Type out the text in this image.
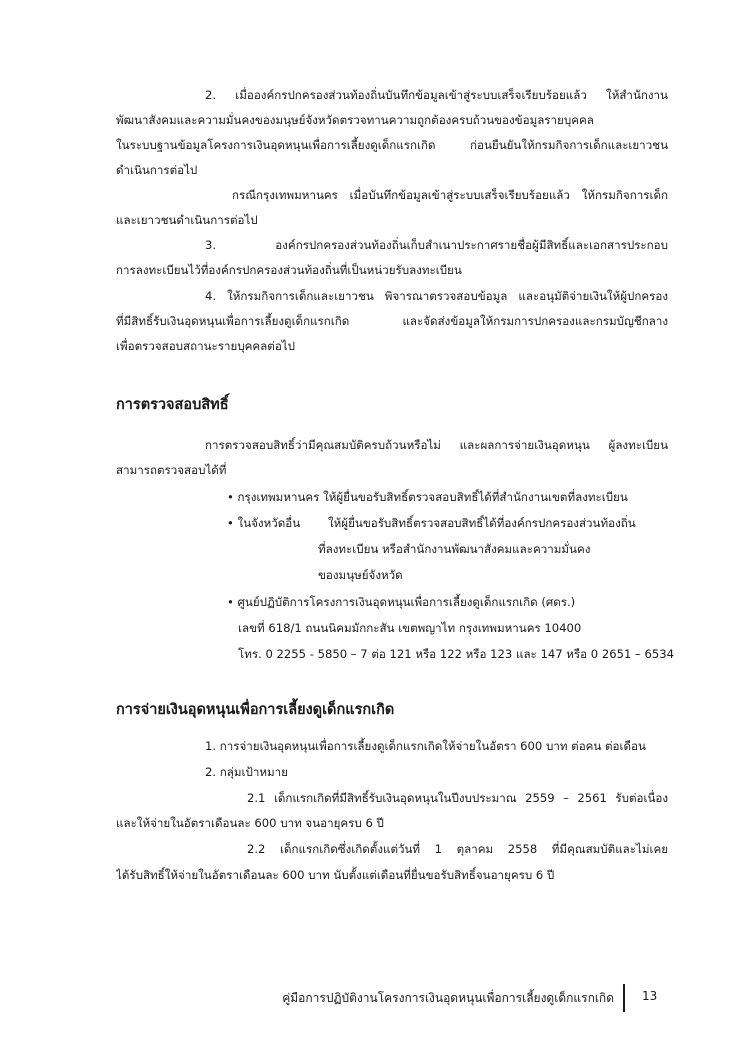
2. เมื่อองค์กรปกครองส่วนท้องถิ่นบันทึกข้อมูลเข้าสู่ระบบเสร็จเรียบร้อยแล้ว ให้สำนักงาน
พัฒนาสังคมและความมั่นคงของมนุษย์จังหวัดตรวจทานความถูกต้องครบถ้วนของข้อมูลรายบุคคล
ในระบบฐานข้อมูลโครงการเงินอุดหนุนเพื่อการเลี้ยงดูเด็กแรกเกิด ก่อนยืนยันให้กรมกิจการเด็กและเยาวชน
ดำเนินการต่อไป
กรณีกรุงเทพมหานคร เมื่อบันทึกข้อมูลเข้าสู่ระบบเสร็จเรียบร้อยแล้ว ให้กรมกิจการเด็ก
และเยาวชนดำเนินการต่อไป
3. องค์กรปกครองส่วนท้องถิ่นเก็บสำเนาประกาศรายชื่อผู้มีสิทธิ์และเอกสารประกอบ
การลงทะเบียนไว้ที่องค์กรปกครองส่วนท้องถิ่นที่เป็นหน่วยรับลงทะเบียน
4. ให้กรมกิจการเด็กและเยาวชน พิจารณาตรวจสอบข้อมูล และอนุมัติจ่ายเงินให้ผู้ปกครอง
ที่มีสิทธิ์รับเงินอุดหนุนเพื่อการเลี้ยงดูเด็กแรกเกิด และจัดส่งข้อมูลให้กรมการปกครองและกรมบัญชีกลาง
เพื่อตรวจสอบสถานะรายบุคคลต่อไป
การตรวจสอบสิทธิ์
การตรวจสอบสิทธิ์ว่ามีคุณสมบัติครบถ้วนหรือไม่ และผลการจ่ายเงินอุดหนุน ผู้ลงทะเบียน
สามารถตรวจสอบได้ที่
• กรุงเทพมหานคร ให้ผู้ยื่นขอรับสิทธิ์ตรวจสอบสิทธิ์ได้ที่สำนักงานเขตที่ลงทะเบียน
• ในจังหวัดอื่น ให้ผู้ยื่นขอรับสิทธิ์ตรวจสอบสิทธิ์ได้ที่องค์กรปกครองส่วนท้องถิ่น
ที่ลงทะเบียน หรือสำนักงานพัฒนาสังคมและความมั่นคง
ของมนุษย์จังหวัด
• ศูนย์ปฏิบัติการโครงการเงินอุดหนุนเพื่อการเลี้ยงดูเด็กแรกเกิด (ศดร.)
เลขที่ 618/1 ถนนนิคมมักกะสัน เขตพญาไท กรุงเทพมหานคร 10400
โทร. 0 2255 - 5850 – 7 ต่อ 121 หรือ 122 หรือ 123 และ 147 หรือ 0 2651 – 6534
การจ่ายเงินอุดหนุนเพื่อการเลี้ยงดูเด็กแรกเกิด
1. การจ่ายเงินอุดหนุนเพื่อการเลี้ยงดูเด็กแรกเกิดให้จ่ายในอัตรา 600 บาท ต่อคน ต่อเดือน
2. กลุ่มเป้าหมาย
2.1 เด็กแรกเกิดที่มีสิทธิ์รับเงินอุดหนุนในปีงบประมาณ 2559 – 2561 รับต่อเนื่อง
และให้จ่ายในอัตราเดือนละ 600 บาท จนอายุครบ 6 ปี
2.2 เด็กแรกเกิดซึ่งเกิดตั้งแต่วันที่ 1 ตุลาคม 2558 ที่มีคุณสมบัติและไม่เคย
ได้รับสิทธิ์ให้จ่ายในอัตราเดือนละ 600 บาท นับตั้งแต่เดือนที่ยื่นขอรับสิทธิ์จนอายุครบ 6 ปี
คู่มือการปฏิบัติงานโครงการเงินอุดหนุนเพื่อการเลี้ยงดูเด็กแรกเกิด 13
